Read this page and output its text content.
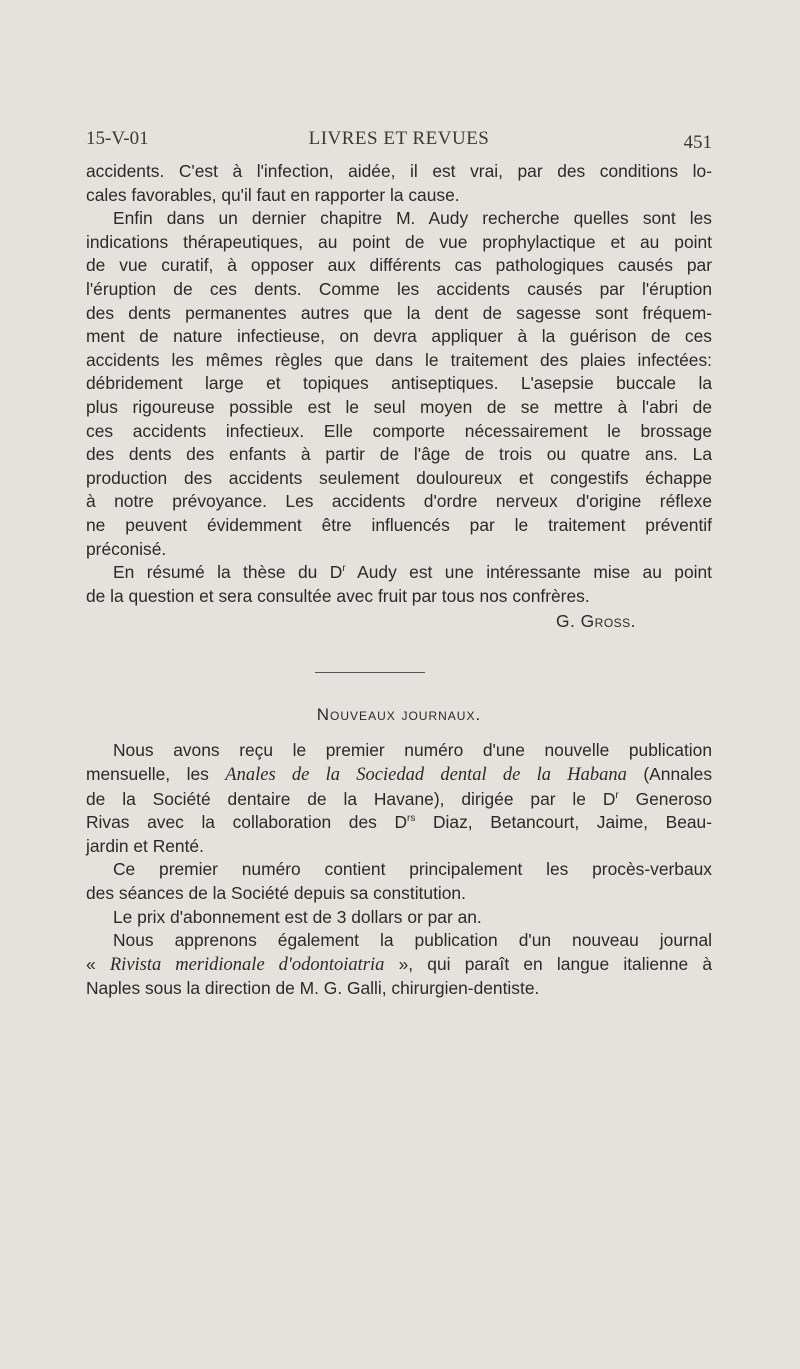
15-V-01	LIVRES ET REVUES	451
accidents. C'est à l'infection, aidée, il est vrai, par des conditions lo-
cales favorables, qu'il faut en rapporter la cause.
Enfin dans un dernier chapitre M. Audy recherche quelles sont les
indications thérapeutiques, au point de vue prophylactique et au point
de vue curatif, à opposer aux différents cas pathologiques causés par
l'éruption de ces dents. Comme les accidents causés par l'éruption
des dents permanentes autres que la dent de sagesse sont fréquem-
ment de nature infectieuse, on devra appliquer à la guérison de ces
accidents les mêmes règles que dans le traitement des plaies infectées:
débridement large et topiques antiseptiques. L'asepsie buccale la
plus rigoureuse possible est le seul moyen de se mettre à l'abri de
ces accidents infectieux. Elle comporte nécessairement le brossage
des dents des enfants à partir de l'âge de trois ou quatre ans. La
production des accidents seulement douloureux et congestifs échappe
à notre prévoyance. Les accidents d'ordre nerveux d'origine réflexe
ne peuvent évidemment être influencés par le traitement préventif
préconisé.
En résumé la thèse du $D^r$ Audy est une intéressante mise au point
de la question et sera consultée avec fruit par tous nos confrères.
G. Gross.
Nouveaux journaux.
Nous avons reçu le premier numéro d'une nouvelle publication
mensuelle, les Anales de la Sociedad dental de la Habana (Annales
de la Société dentaire de la Havane), dirigée par le $D^r$ Generoso
Rivas avec la collaboration des $D^{rs}$ Diaz, Betancourt, Jaime, Beau-
jardin et Renté.
Ce premier numéro contient principalement les procès-verbaux
des séances de la Société depuis sa constitution.
Le prix d'abonnement est de 3 dollars or par an.
Nous apprenons également la publication d'un nouveau journal
« Rivista meridionale d'odontoiatria », qui paraît en langue italienne à
Naples sous la direction de M. G. Galli, chirurgien-dentiste.
